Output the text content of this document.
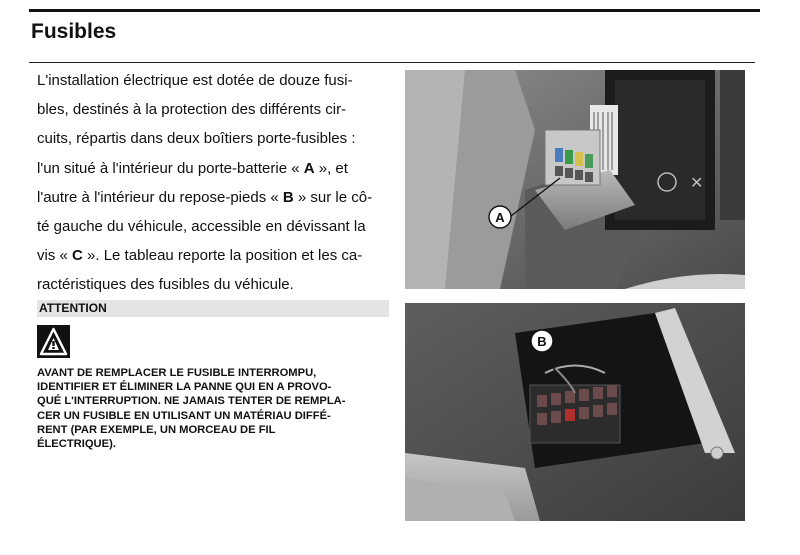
Fusibles
L'installation électrique est dotée de douze fusi-
bles, destinés à la protection des différents cir-
cuits, répartis dans deux boîtiers porte-fusibles :
l'un situé à l'intérieur du porte-batterie « A », et
l'autre à l'intérieur du repose-pieds « B » sur le cô-
té gauche du véhicule, accessible en dévissant la
vis « C ». Le tableau reporte la position et les ca-
ractéristiques des fusibles du véhicule.
ATTENTION
AVANT DE REMPLACER LE FUSIBLE INTERROMPU,
IDENTIFIER ET ÉLIMINER LA PANNE QUI EN A PROVO-
QUÉ L'INTERRUPTION. NE JAMAIS TENTER DE REMPLA-
CER UN FUSIBLE EN UTILISANT UN MATÉRIAU DIFFÉ-
RENT (PAR EXEMPLE, UN MORCEAU DE FIL
ÉLECTRIQUE).
✕
A
B
